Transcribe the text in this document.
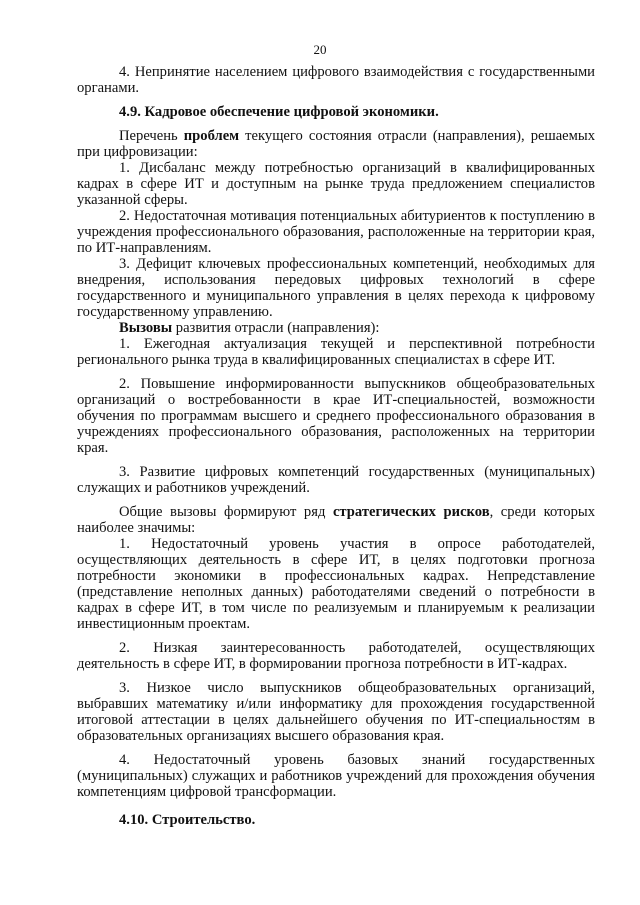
20

4. Непринятие населением цифрового взаимодействия с государственными органами.

4.9. Кадровое обеспечение цифровой экономики.

Перечень проблем текущего состояния отрасли (направления), решаемых при цифровизации:

1. Дисбаланс между потребностью организаций в квалифицированных кадрах в сфере ИТ и доступным на рынке труда предложением специалистов указанной сферы.

2. Недостаточная мотивация потенциальных абитуриентов к поступлению в учреждения профессионального образования, расположенные на территории края, по ИТ-направлениям.

3. Дефицит ключевых профессиональных компетенций, необходимых для внедрения, использования передовых цифровых технологий в сфере государственного и муниципального управления в целях перехода к цифровому государственному управлению.

Вызовы развития отрасли (направления):

1. Ежегодная актуализация текущей и перспективной потребности регионального рынка труда в квалифицированных специалистах в сфере ИТ.

2. Повышение информированности выпускников общеобразовательных организаций о востребованности в крае ИТ-специальностей, возможности обучения по программам высшего и среднего профессионального образования в учреждениях профессионального образования, расположенных на территории края.

3. Развитие цифровых компетенций государственных (муниципальных) служащих и работников учреждений.

Общие вызовы формируют ряд стратегических рисков, среди которых наиболее значимы:

1. Недостаточный уровень участия в опросе работодателей, осуществляющих деятельность в сфере ИТ, в целях подготовки прогноза потребности экономики в профессиональных кадрах. Непредставление (представление неполных данных) работодателями сведений о потребности в кадрах в сфере ИТ, в том числе по реализуемым и планируемым к реализации инвестиционным проектам.

2. Низкая заинтересованность работодателей, осуществляющих деятельность в сфере ИТ, в формировании прогноза потребности в ИТ-кадрах.

3. Низкое число выпускников общеобразовательных организаций, выбравших математику и/или информатику для прохождения государственной итоговой аттестации в целях дальнейшего обучения по ИТ-специальностям в образовательных организациях высшего образования края.

4. Недостаточный уровень базовых знаний государственных (муниципальных) служащих и работников учреждений для прохождения обучения компетенциям цифровой трансформации.

4.10. Строительство.
